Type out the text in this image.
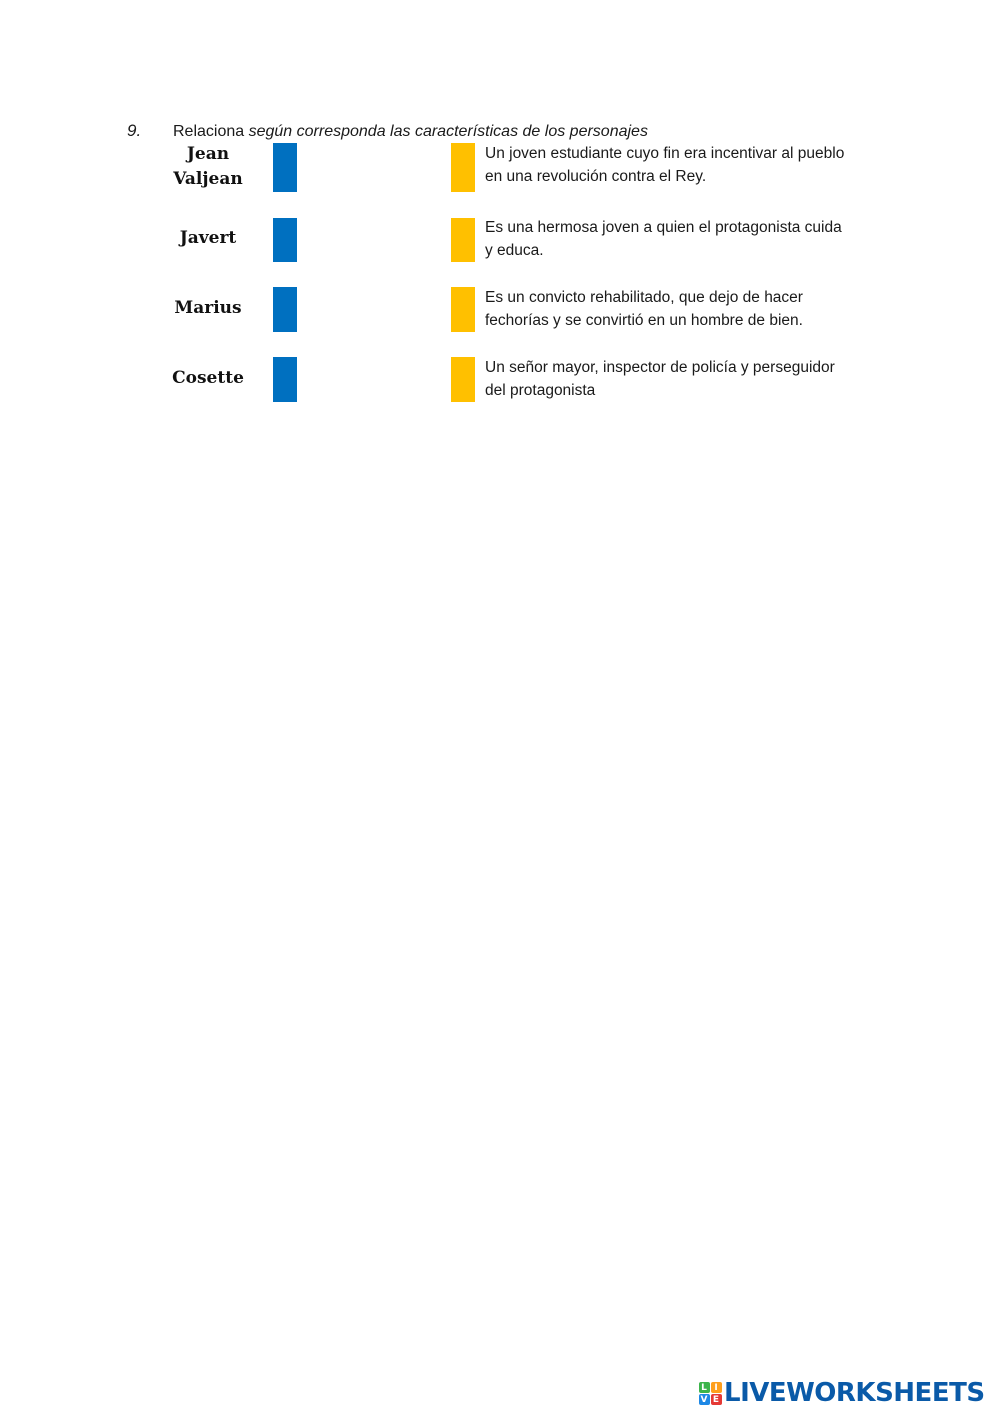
9. Relaciona según corresponda las características de los personajes
Jean Valjean
Un joven estudiante cuyo fin era incentivar al pueblo en una revolución contra el Rey.
Javert
Es una hermosa joven a quien el protagonista cuida y educa.
Marius
Es un convicto rehabilitado, que dejo de hacer fechorías y se convirtió en un hombre de bien.
Cosette
Un señor mayor, inspector de policía y perseguidor del protagonista
L I
V E LIVEWORKSHEETS
